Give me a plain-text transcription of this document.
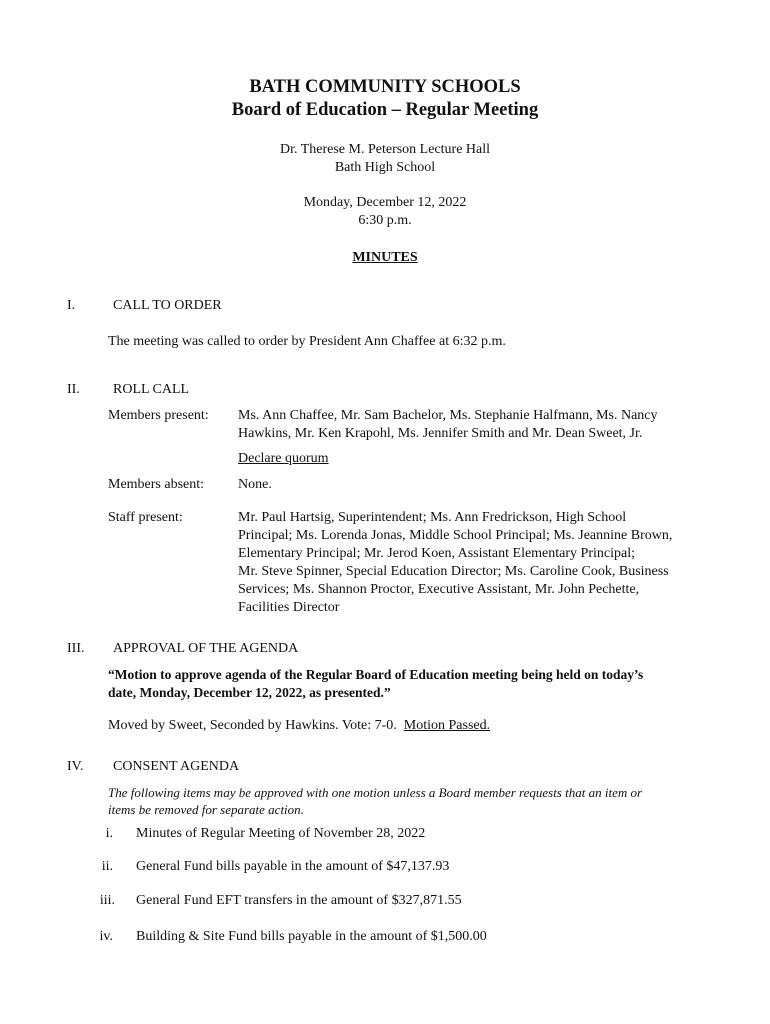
BATH COMMUNITY SCHOOLS
Board of Education – Regular Meeting
Dr. Therese M. Peterson Lecture Hall
Bath High School
Monday, December 12, 2022
6:30 p.m.
MINUTES
I.	CALL TO ORDER
The meeting was called to order by President Ann Chaffee at 6:32 p.m.
II. ROLL CALL
Members present: Ms. Ann Chaffee, Mr. Sam Bachelor, Ms. Stephanie Halfmann, Ms. Nancy
Hawkins, Mr. Ken Krapohl, Ms. Jennifer Smith and Mr. Dean Sweet, Jr.
Declare quorum
Members absent: None.
Staff present:	Mr. Paul Hartsig, Superintendent; Ms. Ann Fredrickson, High School
Principal; Ms. Lorenda Jonas, Middle School Principal; Ms. Jeannine Brown,
Elementary Principal; Mr. Jerod Koen, Assistant Elementary Principal;
Mr. Steve Spinner, Special Education Director; Ms. Caroline Cook, Business
Services; Ms. Shannon Proctor, Executive Assistant, Mr. John Pechette,
Facilities Director
III. APPROVAL OF THE AGENDA
“Motion to approve agenda of the Regular Board of Education meeting being held on today’s
date, Monday, December 12, 2022, as presented.”
Moved by Sweet, Seconded by Hawkins. Vote: 7-0. Motion Passed.
IV. CONSENT AGENDA
The following items may be approved with one motion unless a Board member requests that an item or
items be removed for separate action.
i. Minutes of Regular Meeting of November 28, 2022
ii. General Fund bills payable in the amount of $47,137.93
iii. General Fund EFT transfers in the amount of $327,871.55
iv. Building & Site Fund bills payable in the amount of $1,500.00
